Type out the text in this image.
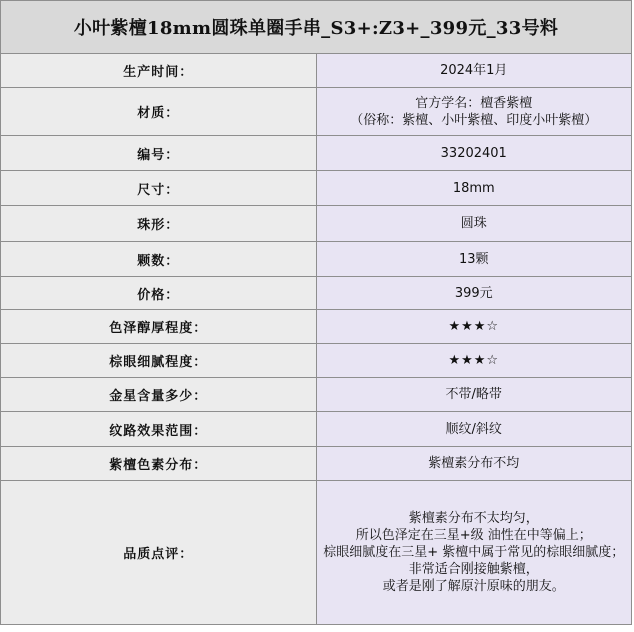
小叶紫檀18mm圆珠单圈手串_S3+:Z3+_399元_33号料	
生产时间：	2024年1月
材质：	官方学名：檀香紫檀
（俗称：紫檀、小叶紫檀、印度小叶紫檀）

编号：	33202401
尺寸：	18mm
珠形：	圆珠
颗数：	13颗
价格：	399元
色泽醇厚程度：	★★★☆
棕眼细腻程度：	★★★☆
金星含量多少：	不带/略带
纹路效果范围：	顺纹/斜纹
紫檀色素分布：	紫檀素分布不均
品质点评：	紫檀素分布不太均匀，
所以色泽定在三星+级 油性在中等偏上；
棕眼细腻度在三星+ 紫檀中属于常见的棕眼细腻度；
非常适合刚接触紫檀，
或者是刚了解原汁原味的朋友。
